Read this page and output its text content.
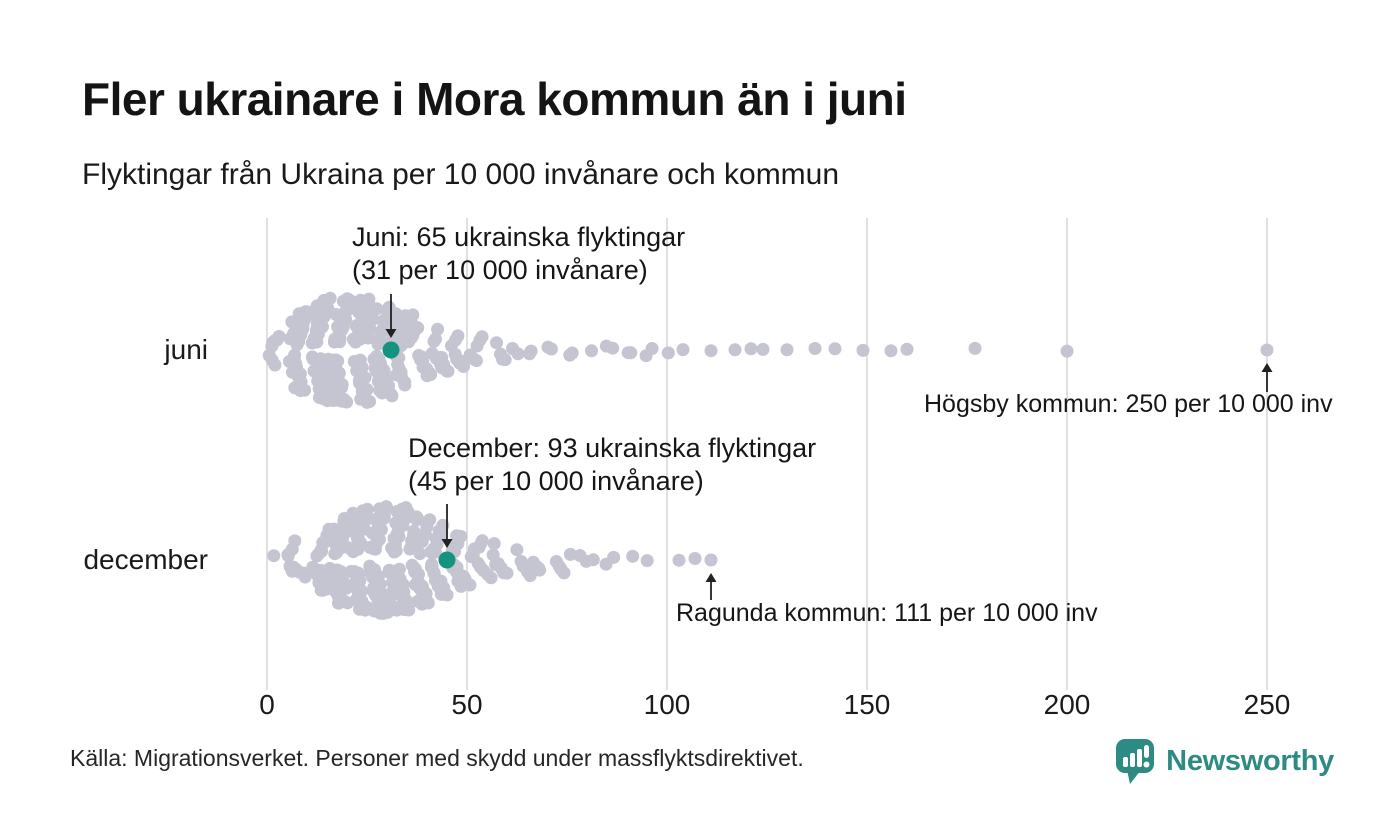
0	50	100	150	200	250
Fler ukrainare i Mora kommun än i juni
Flyktingar från Ukraina per 10 000 invånare och kommun
juni
december
Juni: 65 ukrainska flyktingar
(31 per 10 000 invånare)
December: 93 ukrainska flyktingar
(45 per 10 000 invånare)
Högsby kommun: 250 per 10 000 inv
Ragunda kommun: 111 per 10 000 inv
Källa: Migrationsverket. Personer med skydd under massflyktsdirektivet.	Newsworthy
